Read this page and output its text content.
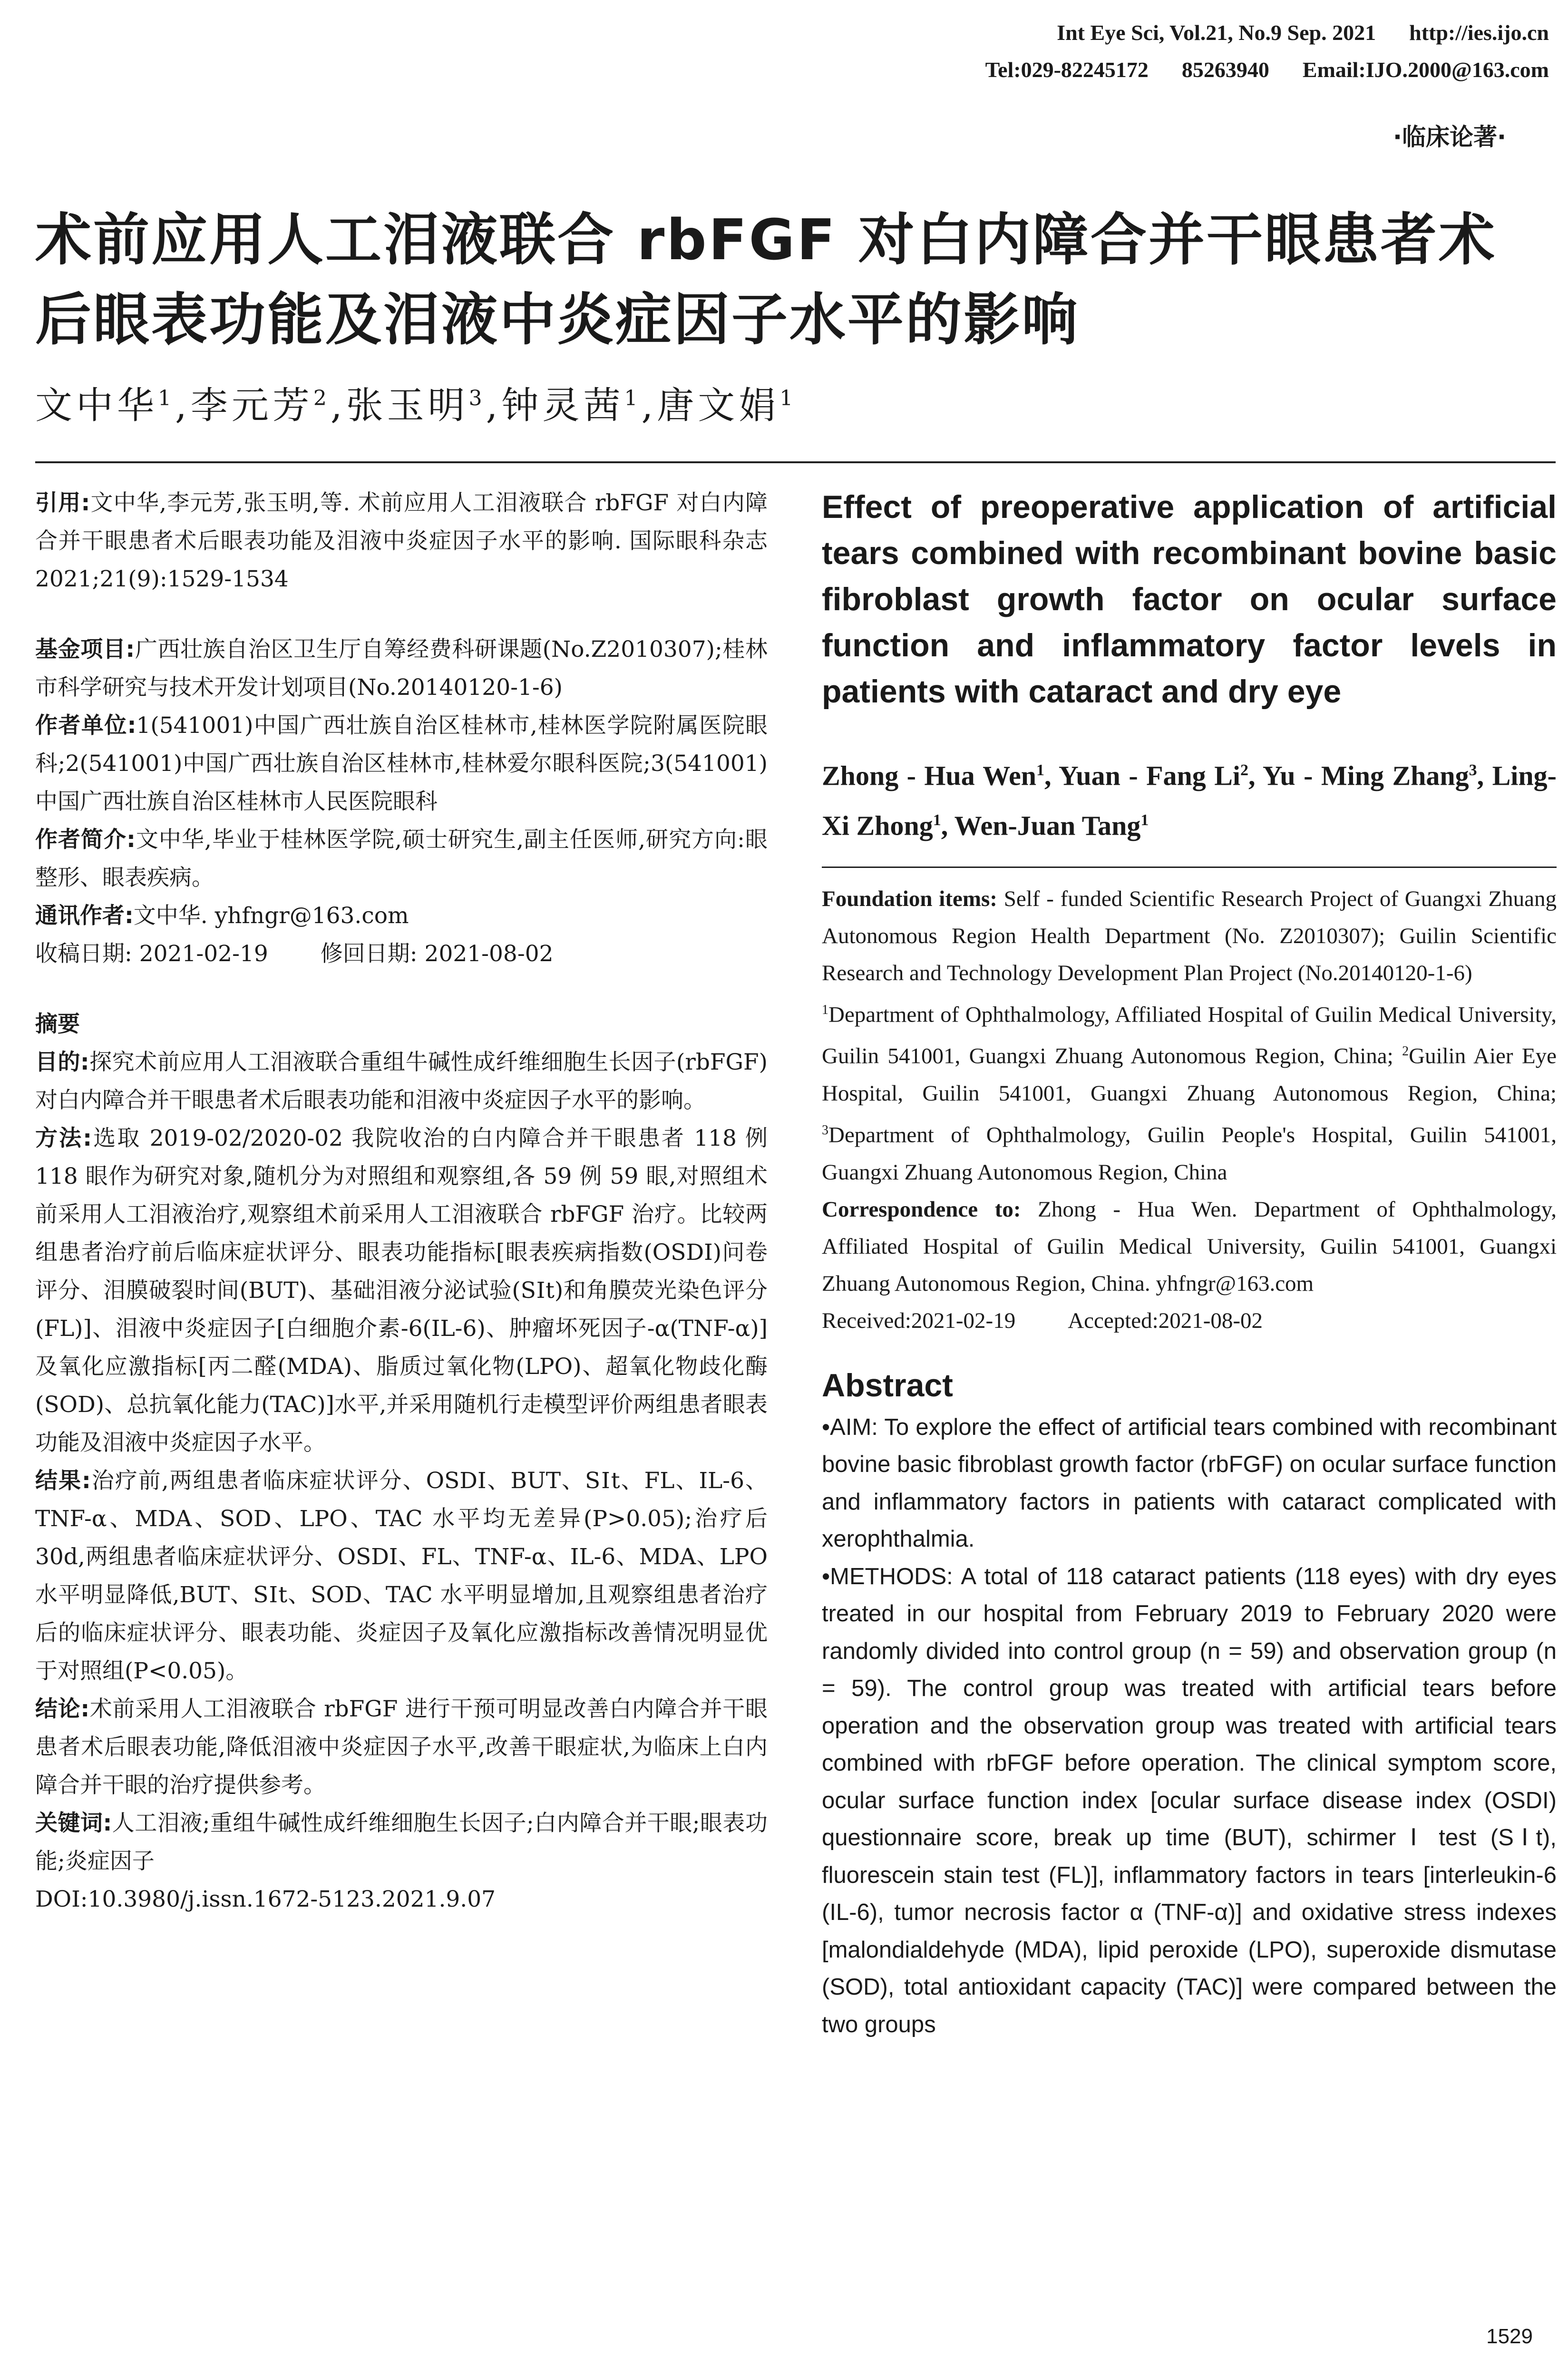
Int Eye Sci, Vol.21, No.9 Sep. 2021 http://ies.ijo.cn
Tel:029-82245172 85263940 Email:IJO.2000@163.com
·临床论著·
术前应用人工泪液联合 rbFGF 对白内障合并干眼患者术后眼表功能及泪液中炎症因子水平的影响
文中华$^1$,李元芳$^2$,张玉明$^3$,钟灵茜$^1$,唐文娟$^1$

引用:文中华,李元芳,张玉明,等. 术前应用人工泪液联合 rbFGF 对白内障合并干眼患者术后眼表功能及泪液中炎症因子水平的影响. 国际眼科杂志 2021;21(9):1529-1534

基金项目:广西壮族自治区卫生厅自筹经费科研课题(No.Z2010307);桂林市科学研究与技术开发计划项目(No.20140120-1-6)

作者单位:1(541001)中国广西壮族自治区桂林市,桂林医学院附属医院眼科;2(541001)中国广西壮族自治区桂林市,桂林爱尔眼科医院;3(541001)中国广西壮族自治区桂林市人民医院眼科

作者简介:文中华,毕业于桂林医学院,硕士研究生,副主任医师,研究方向:眼整形、眼表疾病。

通讯作者:文中华. yhfngr@163.com

收稿日期: 2021-02-19 修回日期: 2021-08-02

摘要

目的:探究术前应用人工泪液联合重组牛碱性成纤维细胞生长因子(rbFGF)对白内障合并干眼患者术后眼表功能和泪液中炎症因子水平的影响。

方法:选取 2019-02/2020-02 我院收治的白内障合并干眼患者 118 例 118 眼作为研究对象,随机分为对照组和观察组,各 59 例 59 眼,对照组术前采用人工泪液治疗,观察组术前采用人工泪液联合 rbFGF 治疗。比较两组患者治疗前后临床症状评分、眼表功能指标[眼表疾病指数(OSDI)问卷评分、泪膜破裂时间(BUT)、基础泪液分泌试验(SⅠt)和角膜荧光染色评分(FL)]、泪液中炎症因子[白细胞介素-6(IL-6)、肿瘤坏死因子-α(TNF-α)]及氧化应激指标[丙二醛(MDA)、脂质过氧化物(LPO)、超氧化物歧化酶(SOD)、总抗氧化能力(TAC)]水平,并采用随机行走模型评价两组患者眼表功能及泪液中炎症因子水平。

结果:治疗前,两组患者临床症状评分、OSDI、BUT、SⅠt、FL、IL-6、TNF-α、MDA、SOD、LPO、TAC 水平均无差异(P>0.05);治疗后 30d,两组患者临床症状评分、OSDI、FL、TNF-α、IL-6、MDA、LPO 水平明显降低,BUT、SⅠt、SOD、TAC 水平明显增加,且观察组患者治疗后的临床症状评分、眼表功能、炎症因子及氧化应激指标改善情况明显优于对照组(P<0.05)。

结论:术前采用人工泪液联合 rbFGF 进行干预可明显改善白内障合并干眼患者术后眼表功能,降低泪液中炎症因子水平,改善干眼症状,为临床上白内障合并干眼的治疗提供参考。

关键词:人工泪液;重组牛碱性成纤维细胞生长因子;白内障合并干眼;眼表功能;炎症因子

DOI:10.3980/j.issn.1672-5123.2021.9.07

Effect of preoperative application of artificial tears combined with recombinant bovine basic fibroblast growth factor on ocular surface function and inflammatory factor levels in patients with cataract and dry eye

Zhong - Hua Wen$^1$, Yuan - Fang Li$^2$, Yu - Ming Zhang$^3$, Ling-Xi Zhong$^1$, Wen-Juan Tang$^1$

Foundation items: Self - funded Scientific Research Project of Guangxi Zhuang Autonomous Region Health Department (No. Z2010307); Guilin Scientific Research and Technology Development Plan Project (No.20140120-1-6)

$^1$Department of Ophthalmology, Affiliated Hospital of Guilin Medical University, Guilin 541001, Guangxi Zhuang Autonomous Region, China; $^2$Guilin Aier Eye Hospital, Guilin 541001, Guangxi Zhuang Autonomous Region, China; $^3$Department of Ophthalmology, Guilin People's Hospital, Guilin 541001, Guangxi Zhuang Autonomous Region, China

Correspondence to: Zhong - Hua Wen. Department of Ophthalmology, Affiliated Hospital of Guilin Medical University, Guilin 541001, Guangxi Zhuang Autonomous Region, China. yhfngr@163.com

Received:2021-02-19 Accepted:2021-08-02

Abstract

•AIM: To explore the effect of artificial tears combined with recombinant bovine basic fibroblast growth factor (rbFGF) on ocular surface function and inflammatory factors in patients with cataract complicated with xerophthalmia.

•METHODS: A total of 118 cataract patients (118 eyes) with dry eyes treated in our hospital from February 2019 to February 2020 were randomly divided into control group (n = 59) and observation group (n = 59). The control group was treated with artificial tears before operation and the observation group was treated with artificial tears combined with rbFGF before operation. The clinical symptom score, ocular surface function index [ocular surface disease index (OSDI) questionnaire score, break up time (BUT), schirmer Ⅰ test (SⅠt), fluorescein stain test (FL)], inflammatory factors in tears [interleukin-6 (IL-6), tumor necrosis factor α (TNF-α)] and oxidative stress indexes [malondialdehyde (MDA), lipid peroxide (LPO), superoxide dismutase (SOD), total antioxidant capacity (TAC)] were compared between the two groups

1529
